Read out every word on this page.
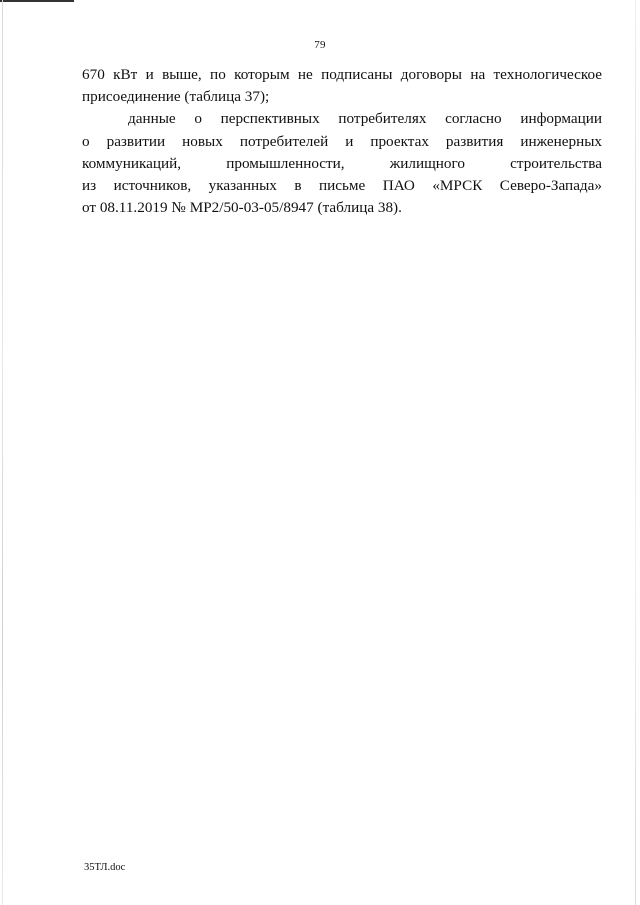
79
670 кВт и выше, по которым не подписаны договоры на технологическое
присоединение (таблица 37);
данные о перспективных потребителях согласно информации
о развитии новых потребителей и проектах развития инженерных
коммуникаций, промышленности, жилищного строительства
из источников, указанных в письме ПАО «МРСК Северо-Запада»
от 08.11.2019 № МР2/50-03-05/8947 (таблица 38).
35ТЛ.doc
